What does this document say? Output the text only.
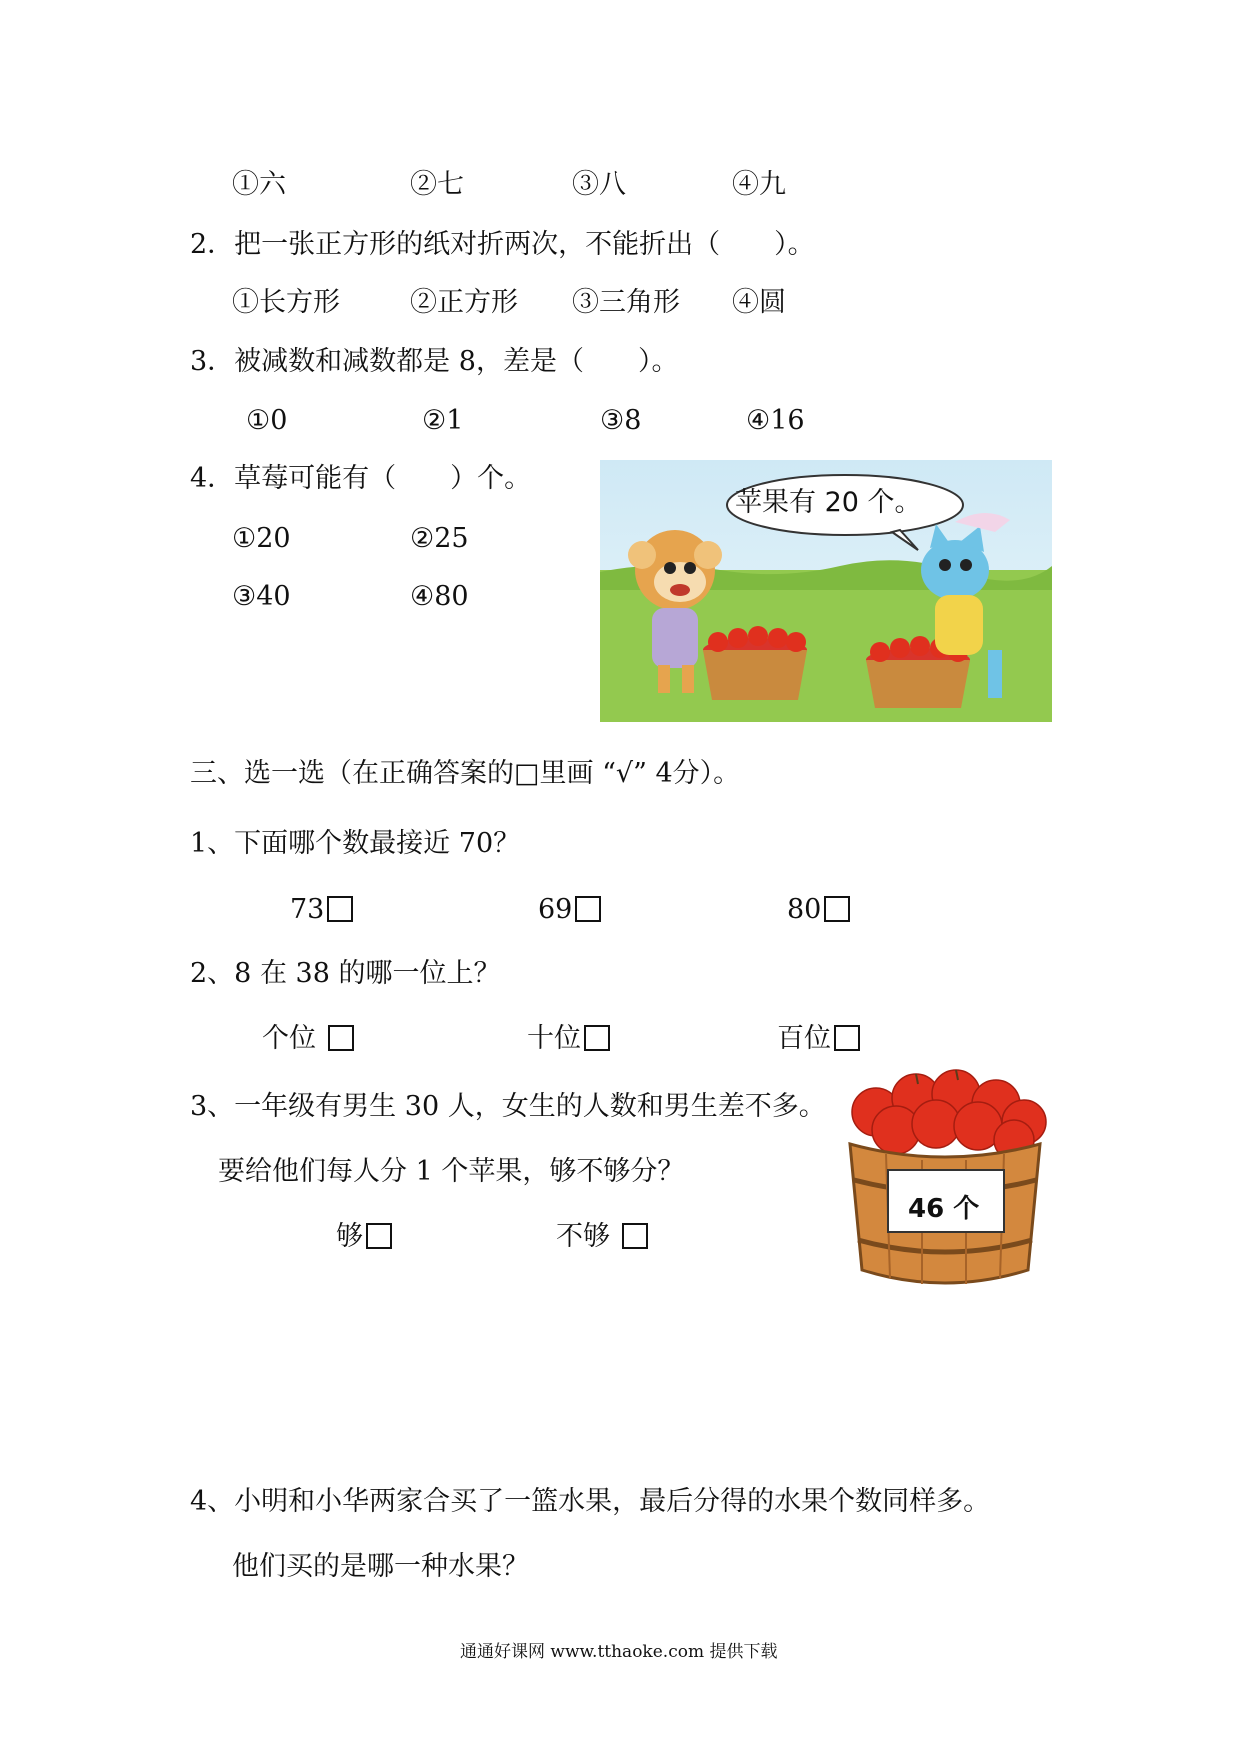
①六	②七	③八	④九
2．把一张正方形的纸对折两次，不能折出（　　）。
①长方形	②正方形 ③三角形 ④圆
3．被减数和减数都是 8，差是（　　）。
①0	②1	③8	④16
4．草莓可能有（　　）个。
①20	②25
③40	④80
苹果有 20 个。
三、选一选（在正确答案的□里画 “√” 4分）。
1、下面哪个数最接近 70？
73	69	80
2、8 在 38 的哪一位上？
个位	十位	百位
3、一年级有男生 30 人，女生的人数和男生差不多。
要给他们每人分 1 个苹果，够不够分？
够	不够
46 个
4、小明和小华两家合买了一篮水果，最后分得的水果个数同样多。
他们买的是哪一种水果？
通通好课网 www.tthaoke.com 提供下载
